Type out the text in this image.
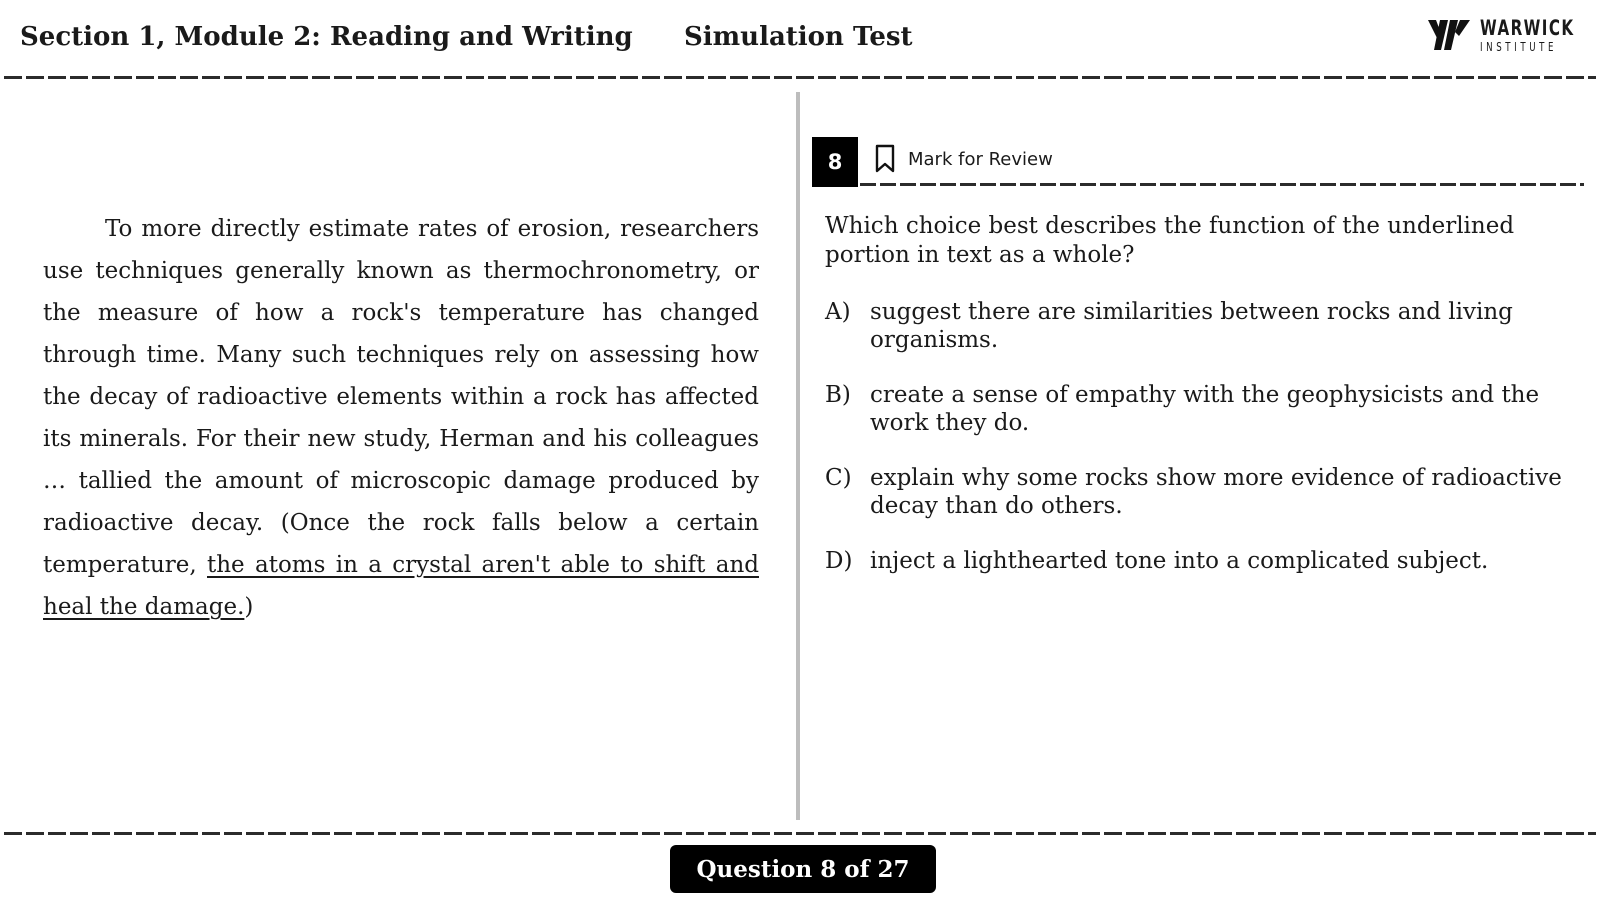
Section 1, Module 2: Reading and Writing Simulation Test	WARWICK
INSTITUTE
To more directly estimate rates of erosion, researchers use techniques generally known as thermochronometry, or the measure of how a rock's temperature has changed through time. Many such techniques rely on assessing how the decay of radioactive elements within a rock has affected its minerals. For their new study, Herman and his colleagues … tallied the amount of microscopic damage produced by radioactive decay. (Once the rock falls below a certain temperature, the atoms in a crystal aren't able to shift and heal the damage.)
8	Mark for Review
Which choice best describes the function of the underlined portion in text as a whole?
A) suggest there are similarities between rocks and living organisms.
B) create a sense of empathy with the geophysicists and the work they do.
C) explain why some rocks show more evidence of radioactive decay than do others.
D) inject a lighthearted tone into a complicated subject.
Question 8 of 27
